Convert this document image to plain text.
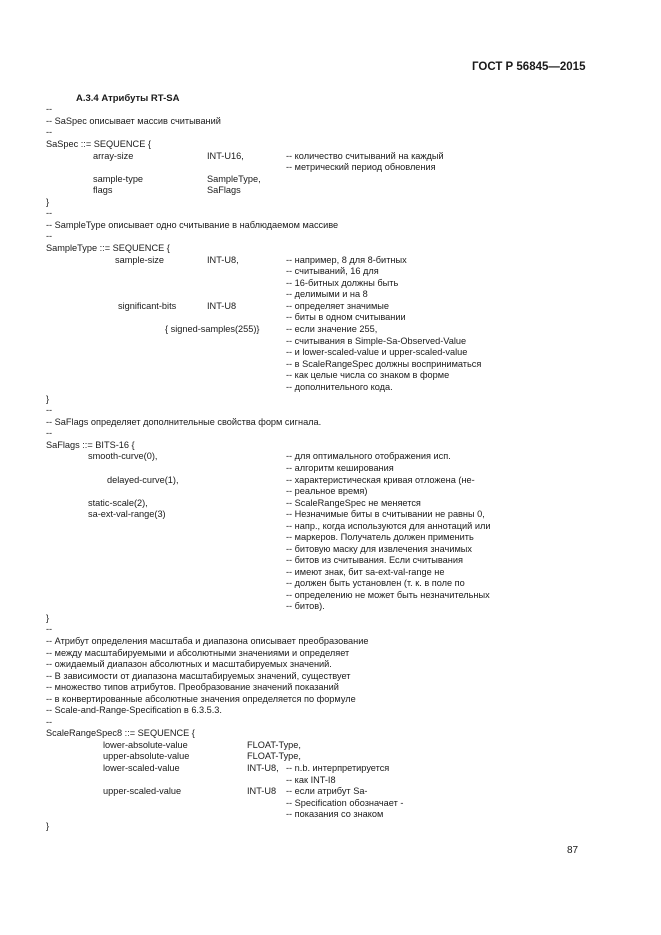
ГОСТ Р 56845—2015
A.3.4 Атрибуты RT-SA
--
-- SaSpec описывает массив считываний
--
SaSpec ::= SEQUENCE {
array-size	INT-U16,	-- количество считываний на каждый
-- метрический период обновления
sample-type	SampleType,
flags	SaFlags
}
--
-- SampleType описывает одно считывание в наблюдаемом массиве
--
SampleType ::= SEQUENCE {
sample-size	INT-U8,	-- например, 8 для 8-битных
-- считываний, 16 для
-- 16-битных должны быть
-- делимыми и на 8
significant-bits	INT-U8	-- определяет значимые
-- биты в одном считывании
{ signed-samples(255)}	-- если значение 255,
-- считывания в Simple-Sa-Observed-Value
-- и lower-scaled-value и upper-scaled-value
-- в ScaleRangeSpec должны восприниматься
-- как целые числа со знаком в форме
-- дополнительного кода.
}
--
-- SaFlags определяет дополнительные свойства форм сигнала.
--
SaFlags ::= BITS-16 {
smooth-curve(0),	-- для оптимального отображения исп.
-- алгоритм кеширования
delayed-curve(1),	-- характеристическая кривая отложена (не-
-- реальное время)
static-scale(2),	-- ScaleRangeSpec не меняется
sa-ext-val-range(3)	-- Незначимые биты в считывании не равны 0,
-- напр., когда используются для аннотаций или
-- маркеров. Получатель должен применить
-- битовую маску для извлечения значимых
-- битов из считывания. Если считывания
-- имеют знак, бит sa-ext-val-range не
-- должен быть установлен (т. к. в поле по
-- определению не может быть незначительных
-- битов).
}
--
-- Атрибут определения масштаба и диапазона описывает преобразование
-- между масштабируемыми и абсолютными значениями и определяет
-- ожидаемый диапазон абсолютных и масштабируемых значений.
-- В зависимости от диапазона масштабируемых значений, существует
-- множество типов атрибутов. Преобразование значений показаний
-- в конвертированные абсолютные значения определяется по формуле
-- Scale-and-Range-Specification в 6.3.5.3.
--
ScaleRangeSpec8 ::= SEQUENCE {
lower-absolute-value	FLOAT-Type,
upper-absolute-value	FLOAT-Type,
lower-scaled-value	INT-U8, -- n.b. интерпретируется
-- как INT-I8
upper-scaled-value	INT-U8 -- если атрибут Sa-
-- Specification обозначает -
-- показания со знаком
}
87
